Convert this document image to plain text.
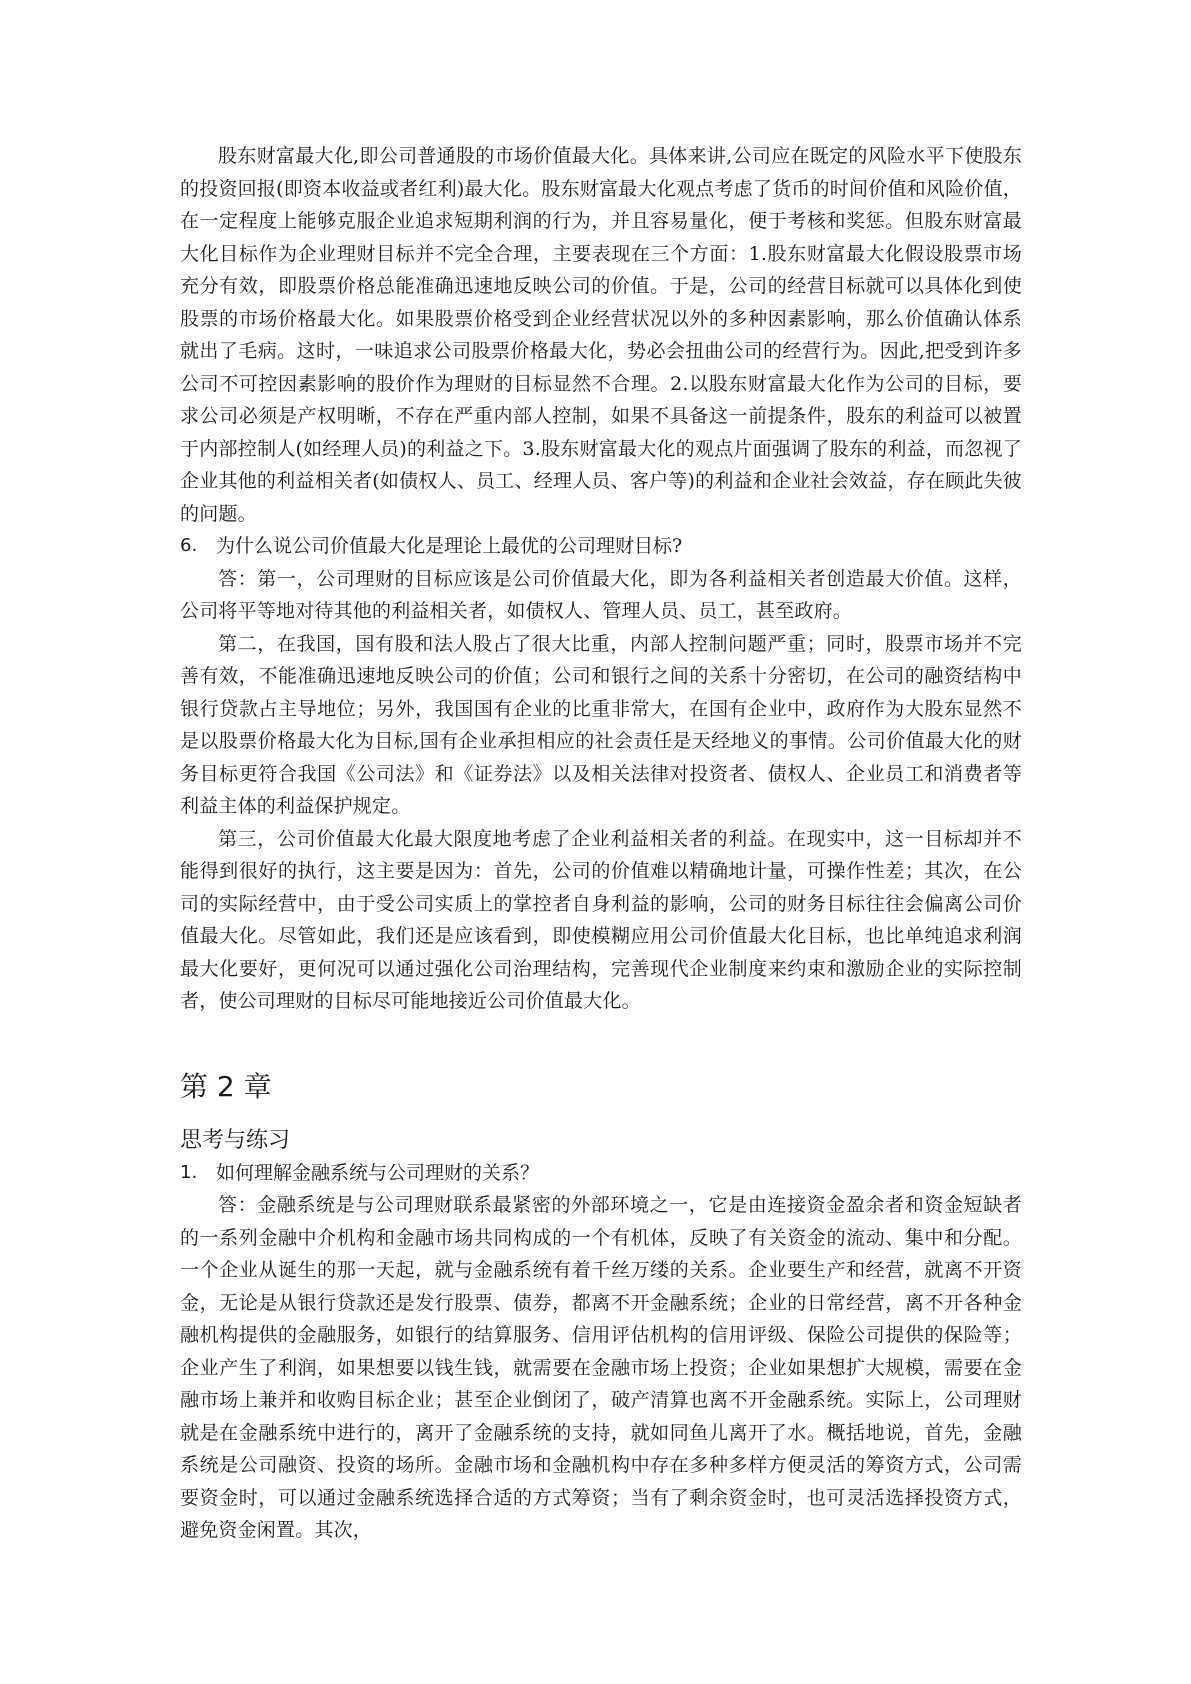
股东财富最大化,即公司普通股的市场价值最大化。具体来讲,公司应在既定的风险水平下使股东的投资回报(即资本收益或者红利)最大化。股东财富最大化观点考虑了货币的时间价值和风险价值，在一定程度上能够克服企业追求短期利润的行为，并且容易量化，便于考核和奖惩。但股东财富最大化目标作为企业理财目标并不完全合理，主要表现在三个方面：1.股东财富最大化假设股票市场充分有效，即股票价格总能准确迅速地反映公司的价值。于是，公司的经营目标就可以具体化到使股票的市场价格最大化。如果股票价格受到企业经营状况以外的多种因素影响，那么价值确认体系就出了毛病。这时，一味追求公司股票价格最大化，势必会扭曲公司的经营行为。因此,把受到许多公司不可控因素影响的股价作为理财的目标显然不合理。2.以股东财富最大化作为公司的目标，要求公司必须是产权明晰，不存在严重内部人控制，如果不具备这一前提条件，股东的利益可以被置于内部控制人(如经理人员)的利益之下。3.股东财富最大化的观点片面强调了股东的利益，而忽视了企业其他的利益相关者(如债权人、员工、经理人员、客户等)的利益和企业社会效益，存在顾此失彼的问题。

6. 为什么说公司价值最大化是理论上最优的公司理财目标?

答：第一，公司理财的目标应该是公司价值最大化，即为各利益相关者创造最大价值。这样，公司将平等地对待其他的利益相关者，如债权人、管理人员、员工，甚至政府。

第二，在我国，国有股和法人股占了很大比重，内部人控制问题严重；同时，股票市场并不完善有效，不能准确迅速地反映公司的价值；公司和银行之间的关系十分密切，在公司的融资结构中银行贷款占主导地位；另外，我国国有企业的比重非常大，在国有企业中，政府作为大股东显然不是以股票价格最大化为目标,国有企业承担相应的社会责任是天经地义的事情。公司价值最大化的财务目标更符合我国《公司法》和《证券法》以及相关法律对投资者、债权人、企业员工和消费者等利益主体的利益保护规定。

第三，公司价值最大化最大限度地考虑了企业利益相关者的利益。在现实中，这一目标却并不能得到很好的执行，这主要是因为：首先，公司的价值难以精确地计量，可操作性差；其次，在公司的实际经营中，由于受公司实质上的掌控者自身利益的影响，公司的财务目标往往会偏离公司价值最大化。尽管如此，我们还是应该看到，即使模糊应用公司价值最大化目标，也比单纯追求利润最大化要好，更何况可以通过强化公司治理结构，完善现代企业制度来约束和激励企业的实际控制者，使公司理财的目标尽可能地接近公司价值最大化。

第 2 章
思考与练习
1. 如何理解金融系统与公司理财的关系？

答：金融系统是与公司理财联系最紧密的外部环境之一，它是由连接资金盈余者和资金短缺者的一系列金融中介机构和金融市场共同构成的一个有机体，反映了有关资金的流动、集中和分配。一个企业从诞生的那一天起，就与金融系统有着千丝万缕的关系。企业要生产和经营，就离不开资金，无论是从银行贷款还是发行股票、债券，都离不开金融系统；企业的日常经营，离不开各种金融机构提供的金融服务，如银行的结算服务、信用评估机构的信用评级、保险公司提供的保险等；企业产生了利润，如果想要以钱生钱，就需要在金融市场上投资；企业如果想扩大规模，需要在金融市场上兼并和收购目标企业；甚至企业倒闭了，破产清算也离不开金融系统。实际上，公司理财就是在金融系统中进行的，离开了金融系统的支持，就如同鱼儿离开了水。概括地说，首先，金融系统是公司融资、投资的场所。金融市场和金融机构中存在多种多样方便灵活的筹资方式，公司需要资金时，可以通过金融系统选择合适的方式筹资；当有了剩余资金时，也可灵活选择投资方式，避免资金闲置。其次，
